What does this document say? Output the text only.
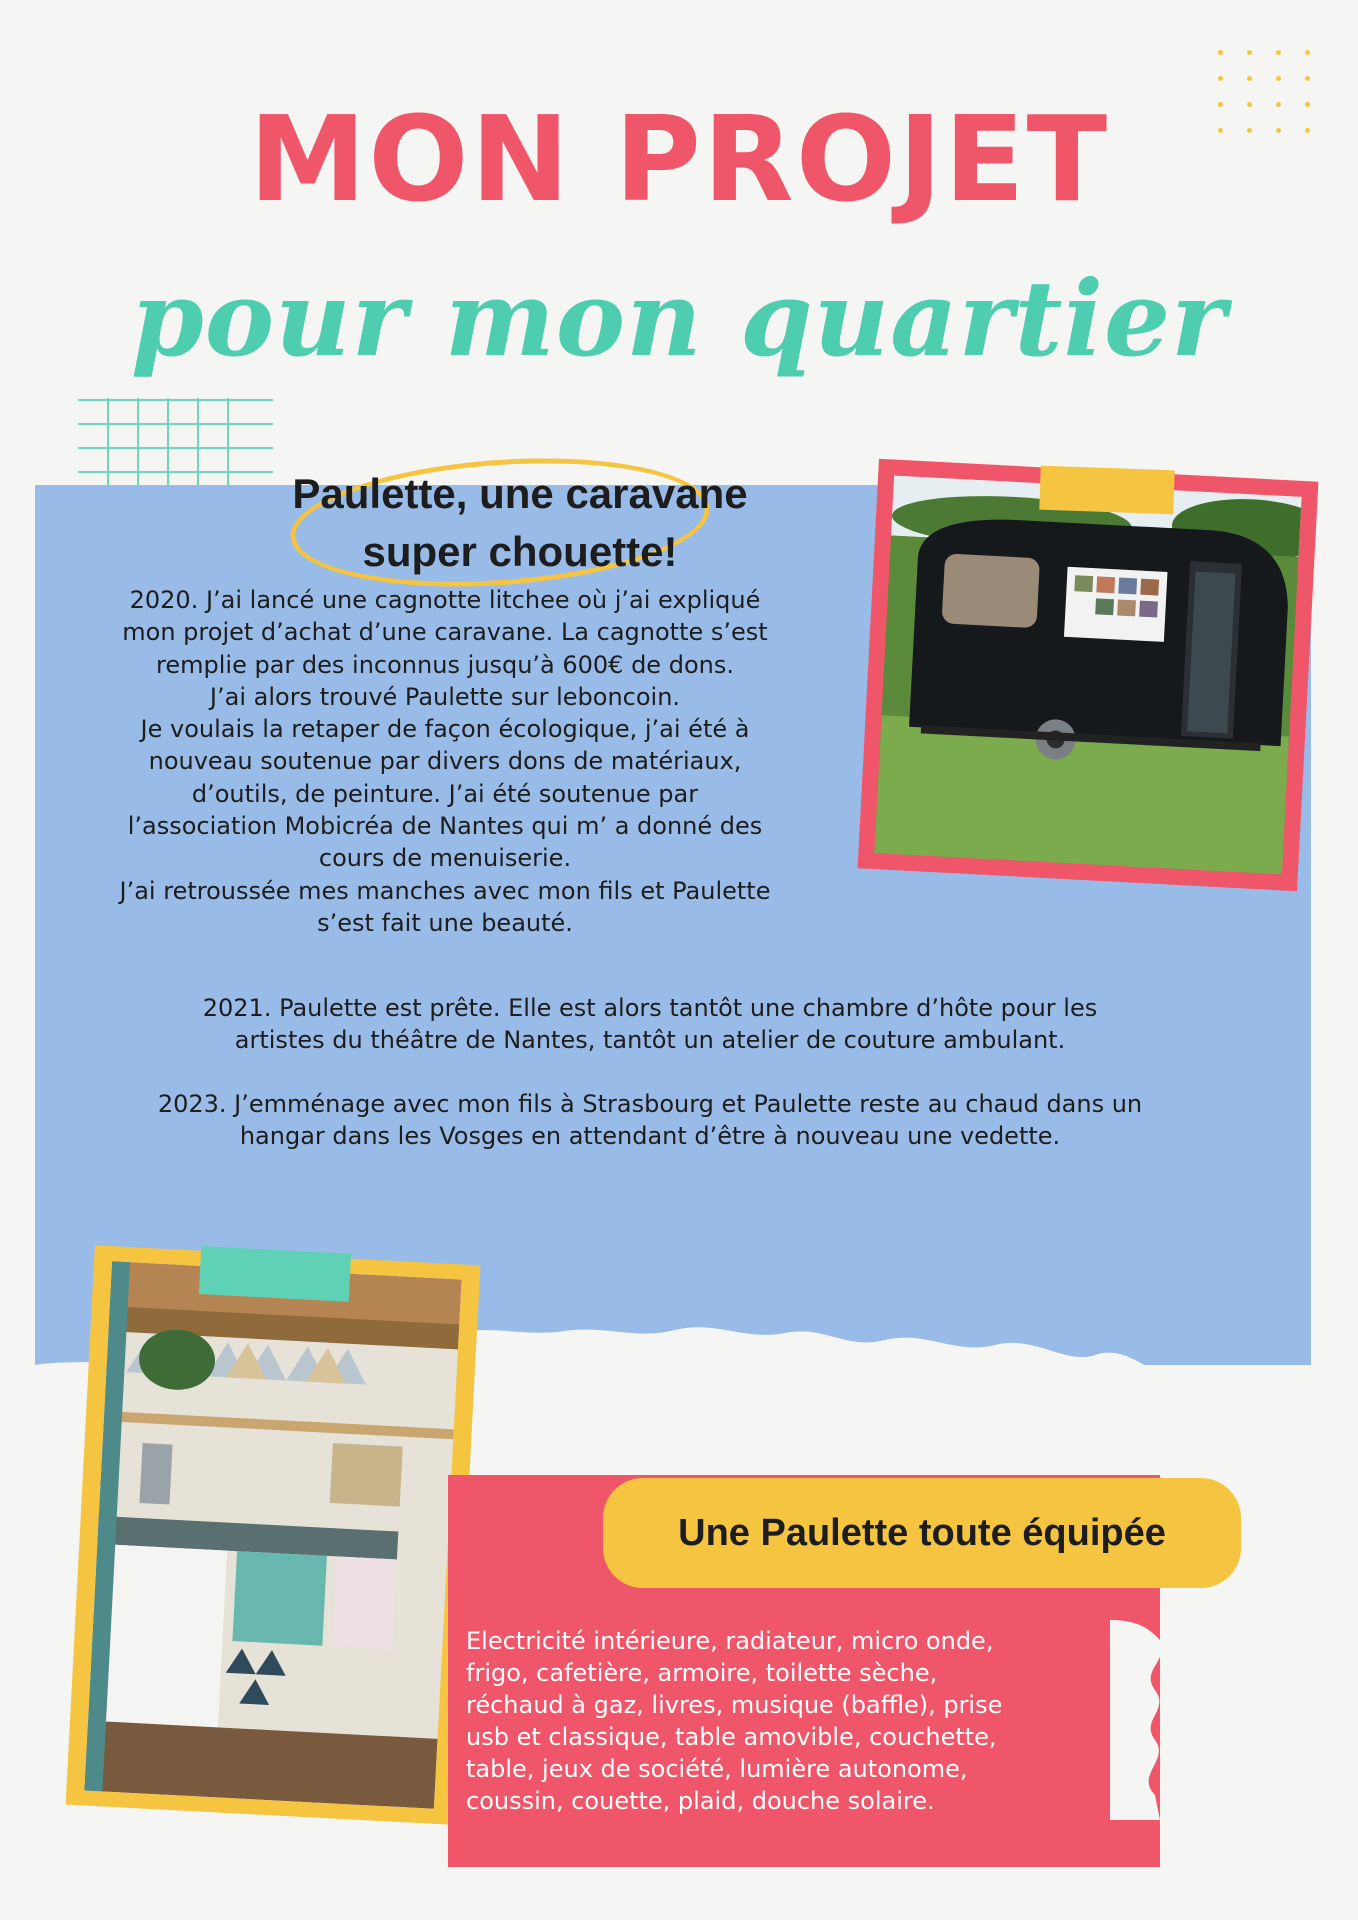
MON PROJET
pour mon quartier
Paulette, une caravane
super chouette!
2020. J’ai lancé une cagnotte litchee où j’ai expliqué
mon projet d’achat d’une caravane. La cagnotte s’est
remplie par des inconnus jusqu’à 600€ de dons.
J’ai alors trouvé Paulette sur leboncoin.
Je voulais la retaper de façon écologique, j’ai été à
nouveau soutenue par divers dons de matériaux,
d’outils, de peinture. J’ai été soutenue par
l’association Mobicréa de Nantes qui m’ a donné des
cours de menuiserie.
J’ai retroussée mes manches avec mon fils et Paulette
s’est fait une beauté.
2021. Paulette est prête. Elle est alors tantôt une chambre d’hôte pour les
artistes du théâtre de Nantes, tantôt un atelier de couture ambulant.
2023. J’emménage avec mon fils à Strasbourg et Paulette reste au chaud dans un
hangar dans les Vosges en attendant d’être à nouveau une vedette.
Une Paulette toute équipée
Electricité intérieure, radiateur, micro onde,
frigo, cafetière, armoire, toilette sèche,
réchaud à gaz, livres, musique (baffle), prise
usb et classique, table amovible, couchette,
table, jeux de société, lumière autonome,
coussin, couette, plaid, douche solaire.
